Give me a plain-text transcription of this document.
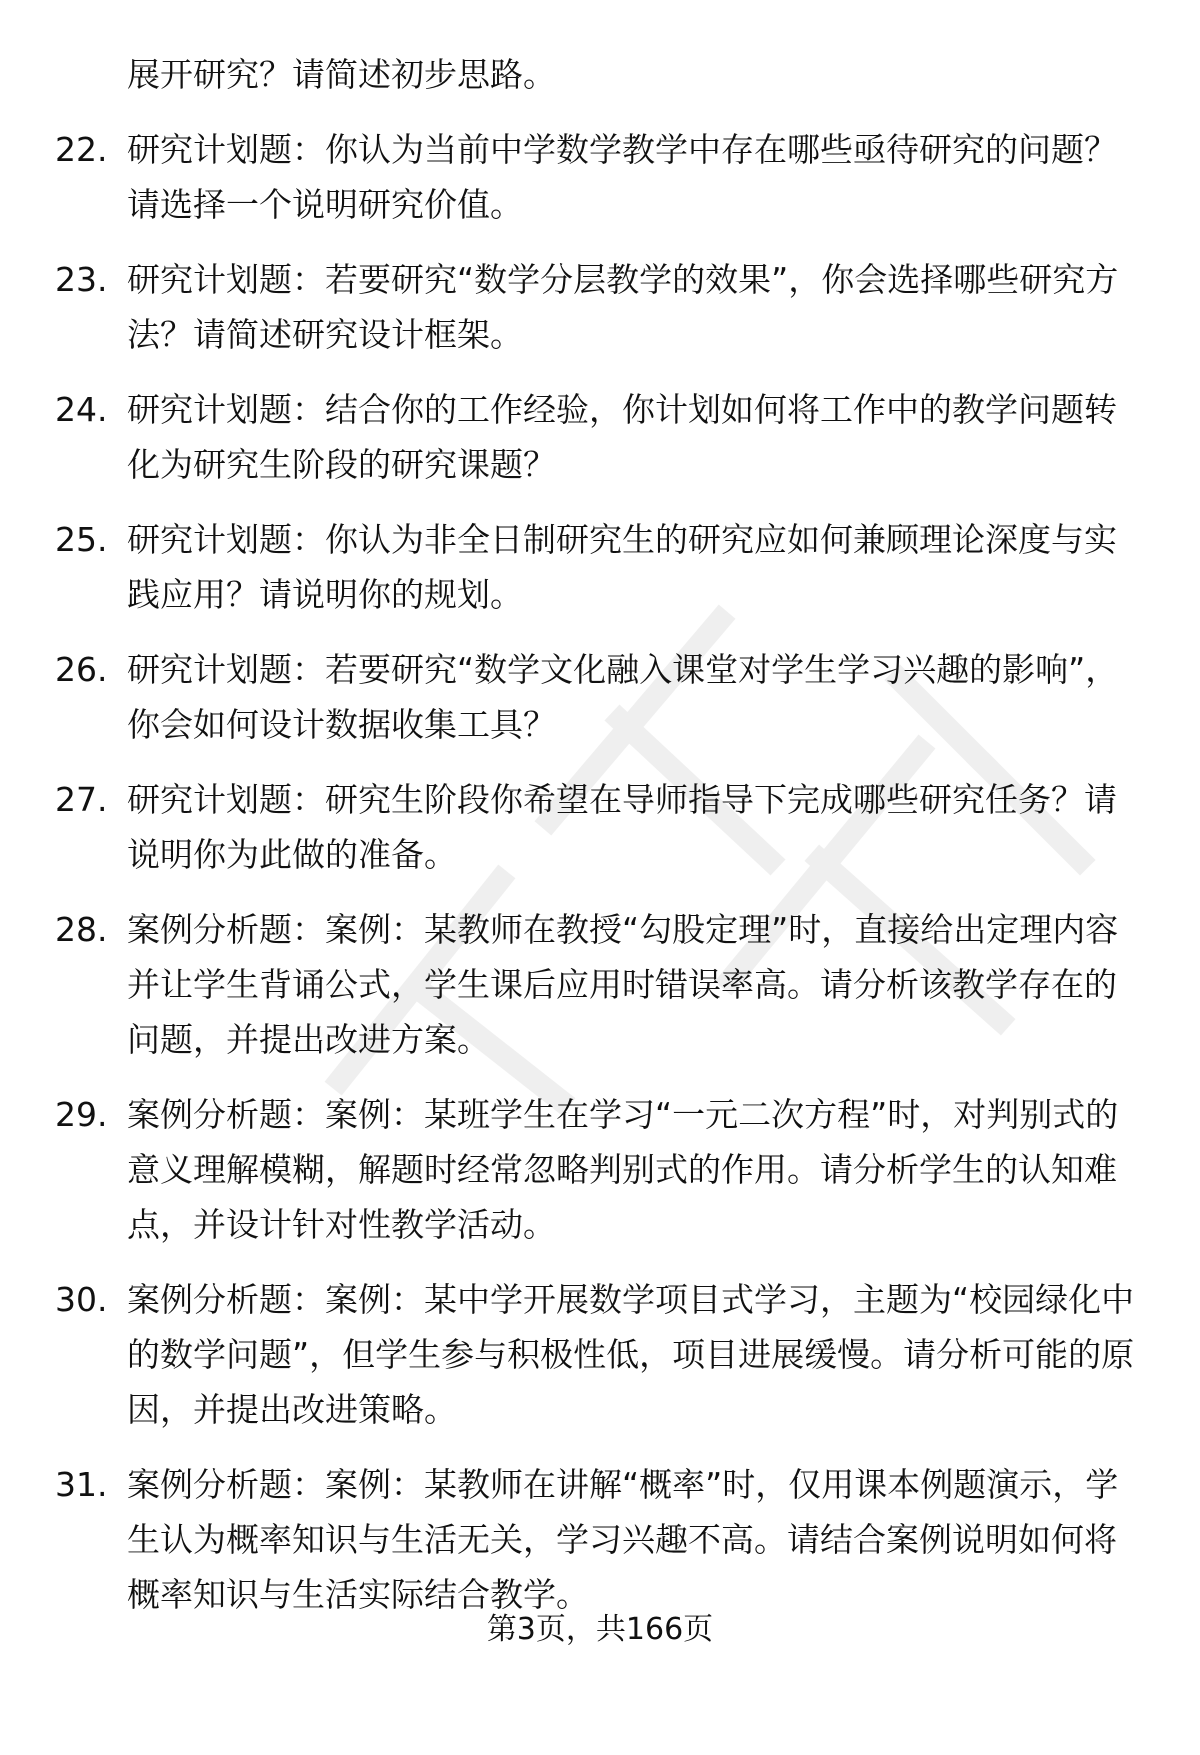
展开研究？请简述初步思路。
22. 研究计划题：你认为当前中学数学教学中存在哪些亟待研究的问题？请选择一个说明研究价值。
23. 研究计划题：若要研究“数学分层教学的效果”，你会选择哪些研究方法？请简述研究设计框架。
24. 研究计划题：结合你的工作经验，你计划如何将工作中的教学问题转化为研究生阶段的研究课题？
25. 研究计划题：你认为非全日制研究生的研究应如何兼顾理论深度与实践应用？请说明你的规划。
26. 研究计划题：若要研究“数学文化融入课堂对学生学习兴趣的影响”，你会如何设计数据收集工具？
27. 研究计划题：研究生阶段你希望在导师指导下完成哪些研究任务？请说明你为此做的准备。
28. 案例分析题：案例：某教师在教授“勾股定理”时，直接给出定理内容并让学生背诵公式，学生课后应用时错误率高。请分析该教学存在的问题，并提出改进方案。
29. 案例分析题：案例：某班学生在学习“一元二次方程”时，对判别式的意义理解模糊，解题时经常忽略判别式的作用。请分析学生的认知难点，并设计针对性教学活动。
30. 案例分析题：案例：某中学开展数学项目式学习，主题为“校园绿化中的数学问题”，但学生参与积极性低，项目进展缓慢。请分析可能的原因，并提出改进策略。
31. 案例分析题：案例：某教师在讲解“概率”时，仅用课本例题演示，学生认为概率知识与生活无关，学习兴趣不高。请结合案例说明如何将概率知识与生活实际结合教学。
第3页，共166页
